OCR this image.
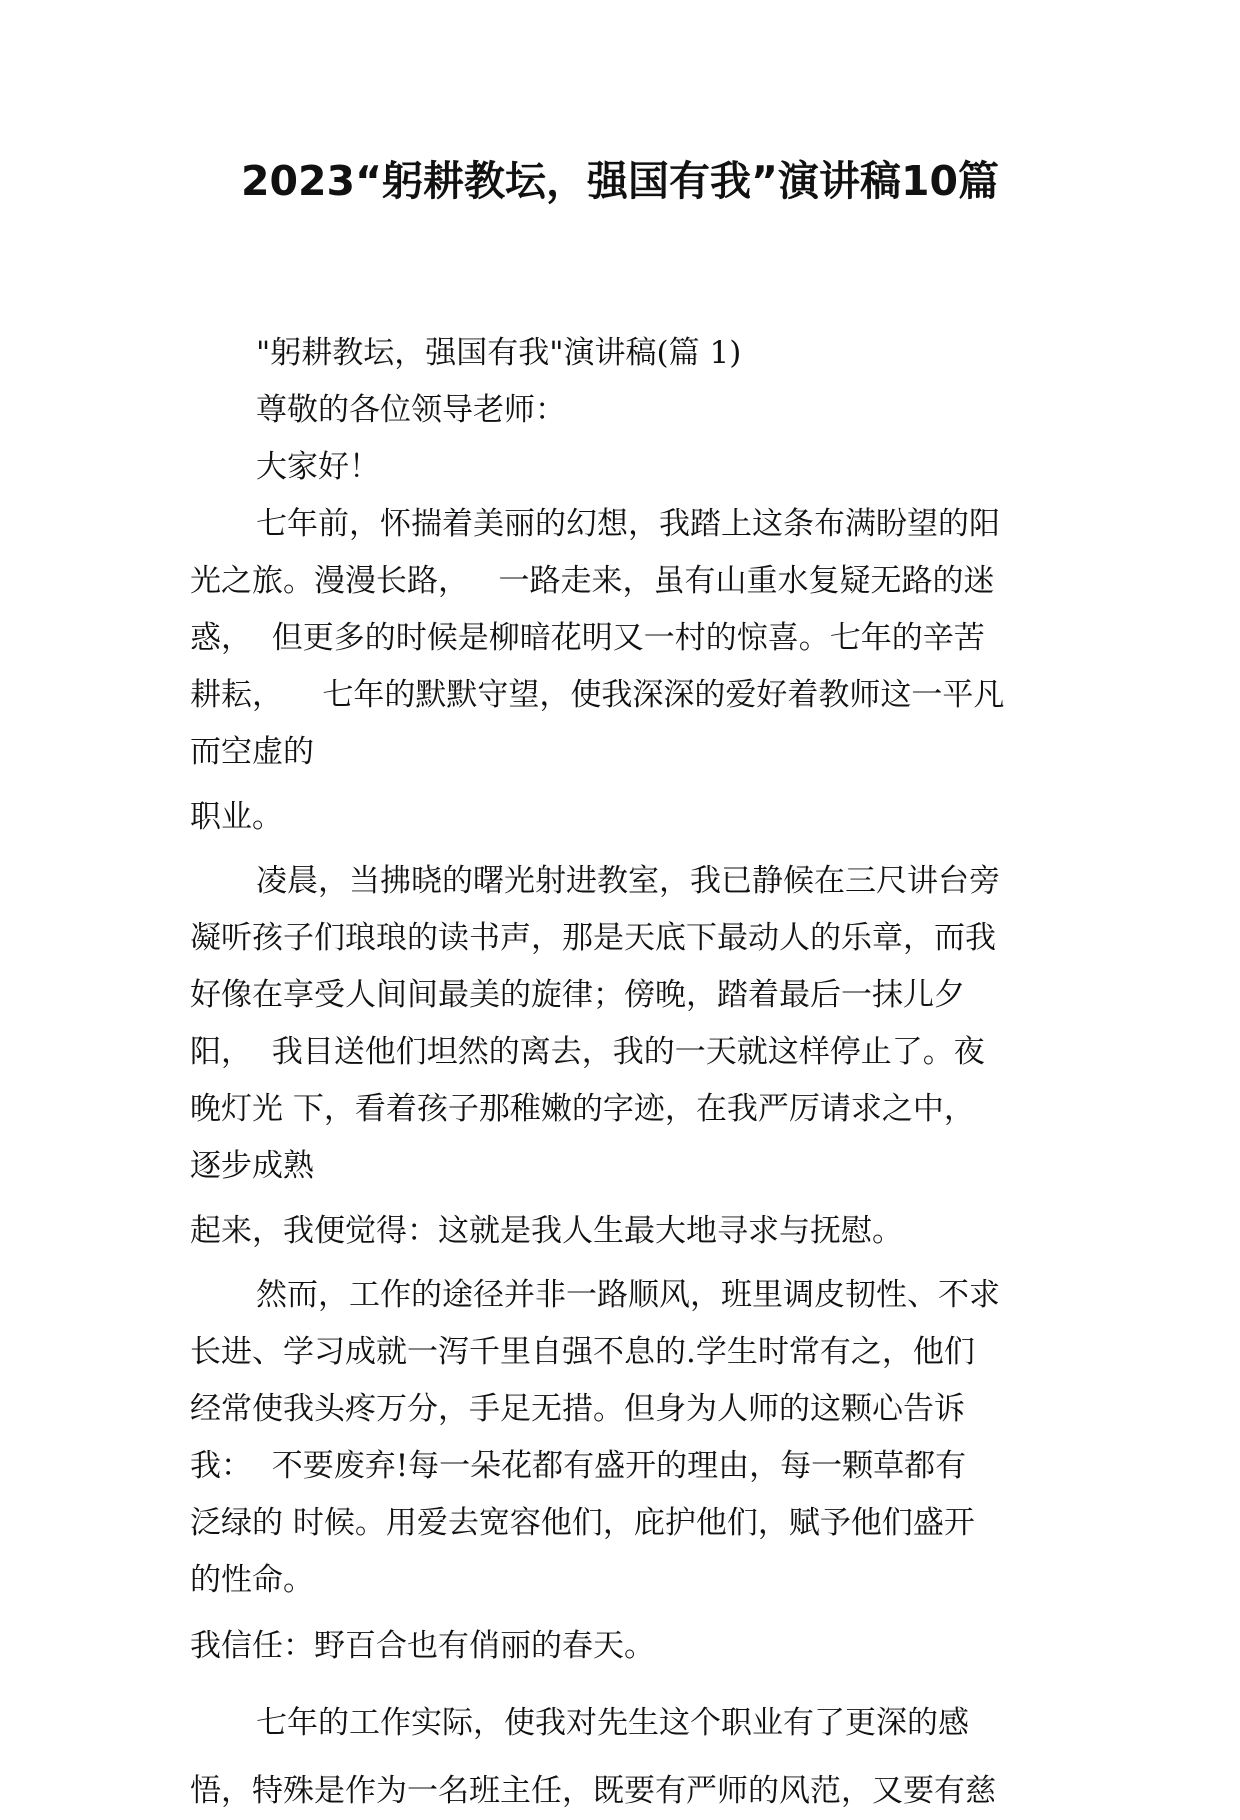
2023“躬耕教坛，强国有我”演讲稿10篇

"躬耕教坛，强国有我"演讲稿(篇 1)

尊敬的各位领导老师：

大家好！

七年前，怀揣着美丽的幻想，我踏上这条布满盼望的阳

光之旅。漫漫长路，   一路走来，虽有山重水复疑无路的迷

惑，  但更多的时候是柳暗花明又一村的惊喜。七年的辛苦

耕耘，    七年的默默守望，使我深深的爱好着教师这一平凡

而空虚的

职业。

凌晨，当拂晓的曙光射进教室，我已静候在三尺讲台旁

凝听孩子们琅琅的读书声，那是天底下最动人的乐章，而我

好像在享受人间间最美的旋律；傍晚，踏着最后一抹儿夕

阳，  我目送他们坦然的离去，我的一天就这样停止了。夜

晚灯光 下，看着孩子那稚嫩的字迹，在我严厉请求之中，

逐步成熟

起来，我便觉得：这就是我人生最大地寻求与抚慰。

然而，工作的途径并非一路顺风，班里调皮韧性、不求

长进、学习成就一泻千里自强不息的.学生时常有之，他们

经常使我头疼万分，手足无措。但身为人师的这颗心告诉

我：  不要废弃!每一朵花都有盛开的理由，每一颗草都有

泛绿的 时候。用爱去宽容他们，庇护他们，赋予他们盛开

的性命。

我信任：野百合也有俏丽的春天。

七年的工作实际，使我对先生这个职业有了更深的感

悟，特殊是作为一名班主任，既要有严师的风范，又要有慈
